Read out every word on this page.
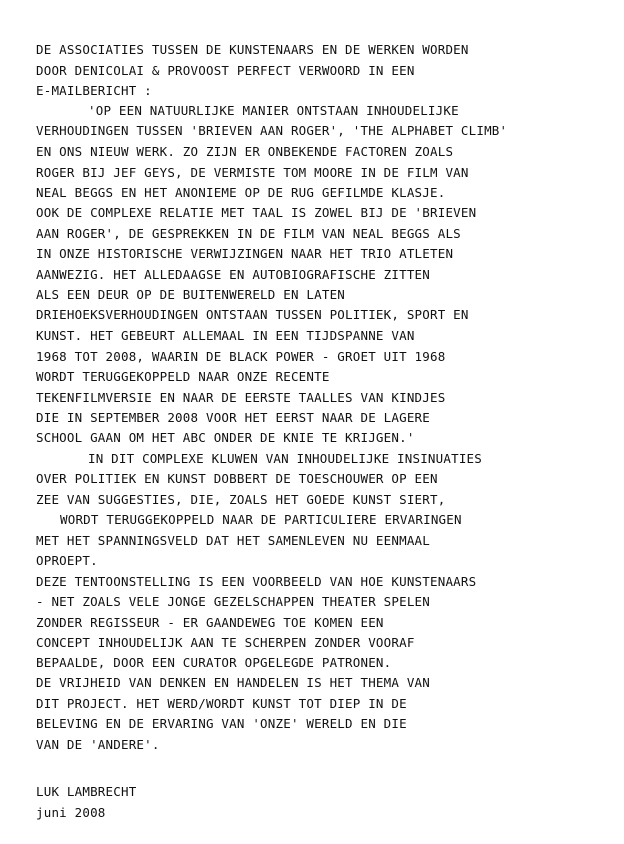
DE ASSOCIATIES TUSSEN DE KUNSTENAARS EN DE WERKEN WORDEN
DOOR DENICOLAI & PROVOOST PERFECT VERWOORD IN EEN
E-MAILBERICHT :
'OP EEN NATUURLIJKE MANIER ONTSTAAN INHOUDELIJKE
VERHOUDINGEN TUSSEN 'BRIEVEN AAN ROGER', 'THE ALPHABET CLIMB'
EN ONS NIEUW WERK. ZO ZIJN ER ONBEKENDE FACTOREN ZOALS
ROGER BIJ JEF GEYS, DE VERMISTE TOM MOORE IN DE FILM VAN
NEAL BEGGS EN HET ANONIEME OP DE RUG GEFILMDE KLASJE.
OOK DE COMPLEXE RELATIE MET TAAL IS ZOWEL BIJ DE 'BRIEVEN
AAN ROGER', DE GESPREKKEN IN DE FILM VAN NEAL BEGGS ALS
IN ONZE HISTORISCHE VERWIJZINGEN NAAR HET TRIO ATLETEN
AANWEZIG. HET ALLEDAAGSE EN AUTOBIOGRAFISCHE ZITTEN
ALS EEN DEUR OP DE BUITENWERELD EN LATEN
DRIEHOEKSVERHOUDINGEN ONTSTAAN TUSSEN POLITIEK, SPORT EN
KUNST. HET GEBEURT ALLEMAAL IN EEN TIJDSPANNE VAN
1968 TOT 2008, WAARIN DE BLACK POWER - GROET UIT 1968
WORDT TERUGGEKOPPELD NAAR ONZE RECENTE
TEKENFILMVERSIE EN NAAR DE EERSTE TAALLES VAN KINDJES
DIE IN SEPTEMBER 2008 VOOR HET EERST NAAR DE LAGERE
SCHOOL GAAN OM HET ABC ONDER DE KNIE TE KRIJGEN.'
IN DIT COMPLEXE KLUWEN VAN INHOUDELIJKE INSINUATIES
OVER POLITIEK EN KUNST DOBBERT DE TOESCHOUWER OP EEN
ZEE VAN SUGGESTIES, DIE, ZOALS HET GOEDE KUNST SIERT,
WORDT TERUGGEKOPPELD NAAR DE PARTICULIERE ERVARINGEN
MET HET SPANNINGSVELD DAT HET SAMENLEVEN NU EENMAAL
OPROEPT.
DEZE TENTOONSTELLING IS EEN VOORBEELD VAN HOE KUNSTENAARS
- NET ZOALS VELE JONGE GEZELSCHAPPEN THEATER SPELEN
ZONDER REGISSEUR - ER GAANDEWEG TOE KOMEN EEN
CONCEPT INHOUDELIJK AAN TE SCHERPEN ZONDER VOORAF
BEPAALDE, DOOR EEN CURATOR OPGELEGDE PATRONEN.
DE VRIJHEID VAN DENKEN EN HANDELEN IS HET THEMA VAN
DIT PROJECT. HET WERD/WORDT KUNST TOT DIEP IN DE
BELEVING EN DE ERVARING VAN 'ONZE' WERELD EN DIE
VAN DE 'ANDERE'.
LUK LAMBRECHT
juni 2008
